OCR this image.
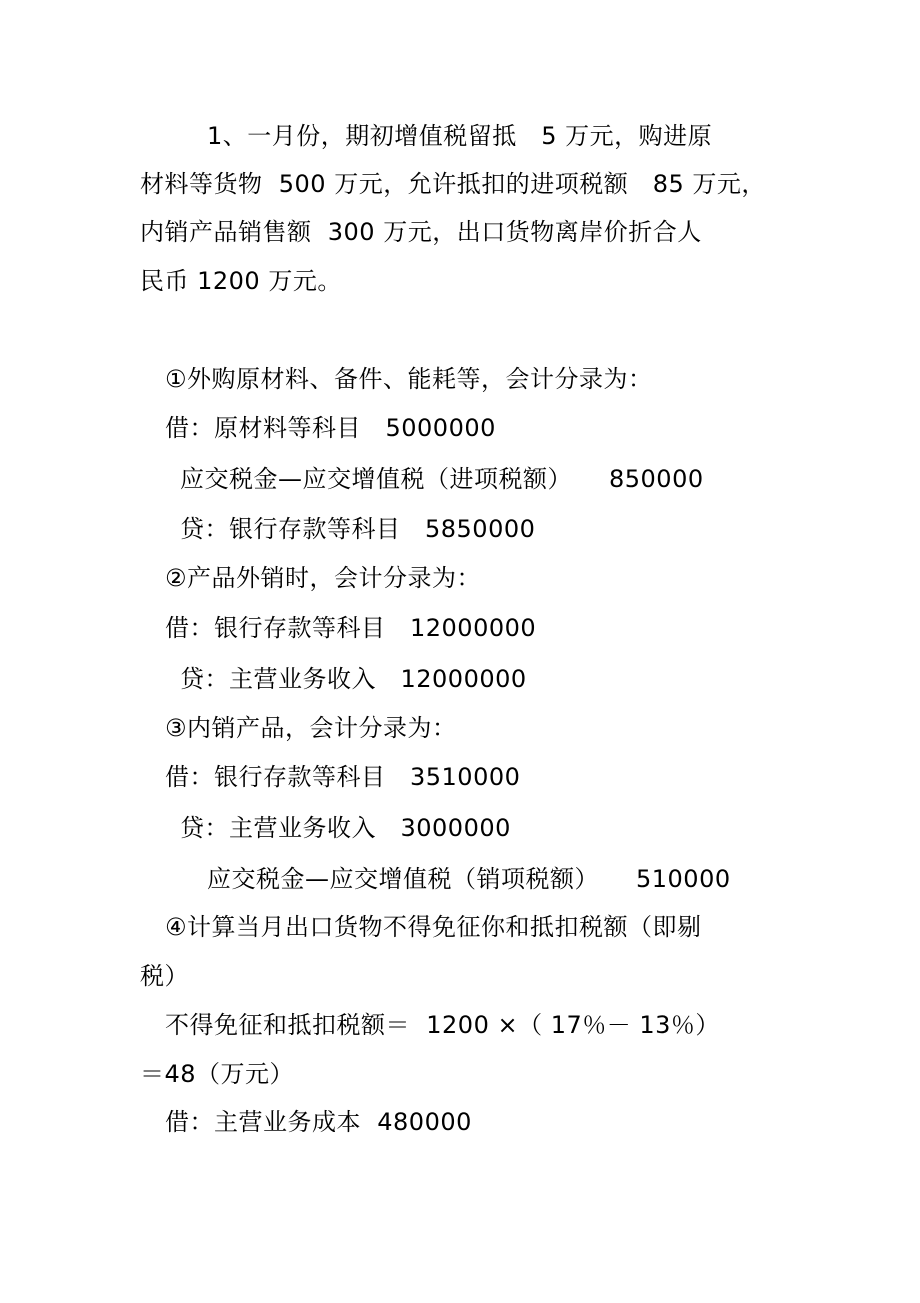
1、一月份，期初增值税留抵　5 万元，购进原
材料等货物  500 万元，允许抵扣的进项税额　85 万元，
内销产品销售额  300 万元，出口货物离岸价折合人
民币 1200 万元。
①外购原材料、备件、能耗等，会计分录为：
借：原材料等科目　5000000
应交税金—应交增值税（进项税额）　　850000
贷：银行存款等科目　5850000
②产品外销时，会计分录为：
借：银行存款等科目　12000000
贷：主营业务收入　12000000
③内销产品，会计分录为：
借：银行存款等科目　3510000
贷：主营业务收入　3000000
应交税金—应交增值税（销项税额）　　510000
④计算当月出口货物不得免征你和抵扣税额（即剔
税）
不得免征和抵扣税额＝  1200 ×（ 17％－ 13％）
＝48（万元）
借：主营业务成本  480000
